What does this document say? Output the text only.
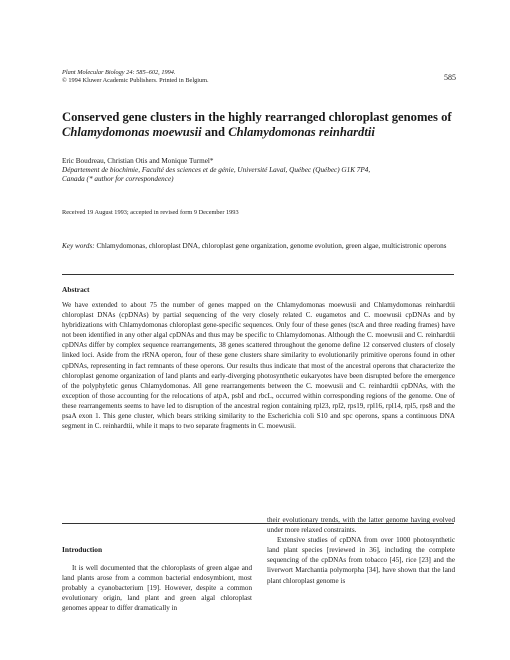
Plant Molecular Biology 24: 585–602, 1994.
© 1994 Kluwer Academic Publishers. Printed in Belgium.	585
Conserved gene clusters in the highly rearranged chloroplast genomes of
Chlamydomonas moewusii and Chlamydomonas reinhardtii
Eric Boudreau, Christian Otis and Monique Turmel*
Département de biochimie, Faculté des sciences et de génie, Université Laval, Québec (Québec) G1K 7P4,
Canada (* author for correspondence)
Received 19 August 1993; accepted in revised form 9 December 1993
Key words: Chlamydomonas, chloroplast DNA, chloroplast gene organization, genome evolution, green algae, multicistronic operons
Abstract

We have extended to about 75 the number of genes mapped on the Chlamydomonas moewusii and Chlamydomonas reinhardtii chloroplast DNAs (cpDNAs) by partial sequencing of the very closely related C. eugametos and C. moewusii cpDNAs and by hybridizations with Chlamydomonas chloroplast gene-specific sequences. Only four of these genes (tscA and three reading frames) have not been identified in any other algal cpDNAs and thus may be specific to Chlamydomonas. Although the C. moewusii and C. reinhardtii cpDNAs differ by complex sequence rearrangements, 38 genes scattered throughout the genome define 12 conserved clusters of closely linked loci. Aside from the rRNA operon, four of these gene clusters share similarity to evolutionarily primitive operons found in other cpDNAs, representing in fact remnants of these operons. Our results thus indicate that most of the ancestral operons that characterize the chloroplast genome organization of land plants and early-diverging photosynthetic eukaryotes have been disrupted before the emergence of the polyphyletic genus Chlamydomonas. All gene rearrangements between the C. moewusii and C. reinhardtii cpDNAs, with the exception of those accounting for the relocations of atpA, psbI and rbcL, occurred within corresponding regions of the genome. One of these rearrangements seems to have led to disruption of the ancestral region containing rpl23, rpl2, rps19, rpl16, rpl14, rpl5, rps8 and the psaA exon 1. This gene cluster, which bears striking similarity to the Escherichia coli S10 and spc operons, spans a continuous DNA segment in C. reinhardtii, while it maps to two separate fragments in C. moewusii.

Introduction

It is well documented that the chloroplasts of green algae and land plants arose from a common bacterial endosymbiont, most probably a cyanobacterium [19]. However, despite a common evolutionary origin, land plant and green algal chloroplast genomes appear to differ dramatically in

their evolutionary trends, with the latter genome having evolved under more relaxed constraints.

Extensive studies of cpDNA from over 1000 photosynthetic land plant species [reviewed in 36], including the complete sequencing of the cpDNAs from tobacco [45], rice [23] and the liverwort Marchantia polymorpha [34], have shown that the land plant chloroplast genome is
